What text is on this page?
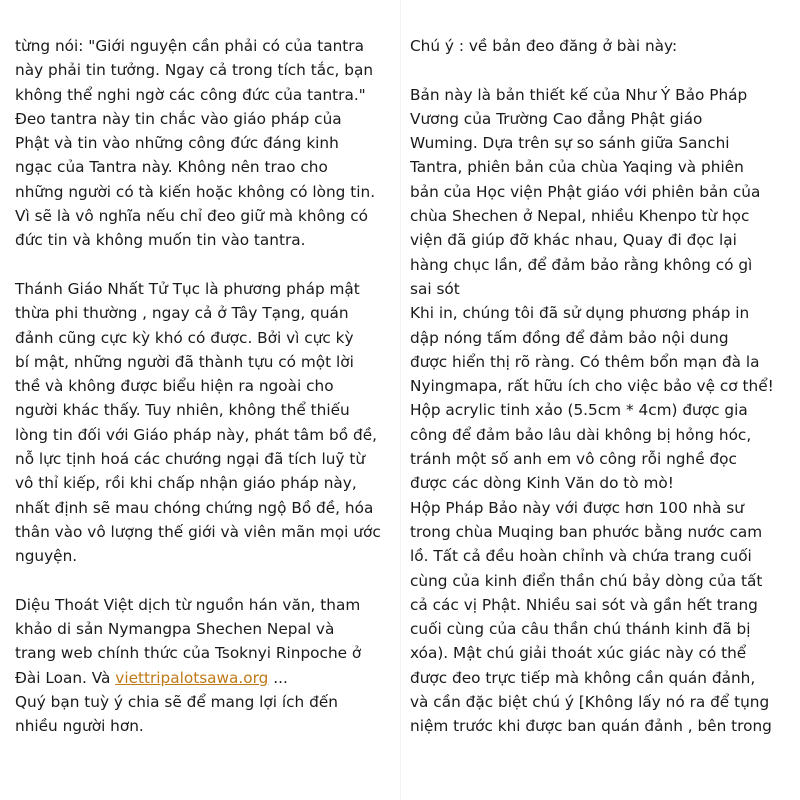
từng nói: "Giới nguyện cần phải có của tantra
này phải tin tưởng. Ngay cả trong tích tắc, bạn
không thể nghi ngờ các công đức của tantra."
Đeo tantra này tin chắc vào giáo pháp của
Phật và tin vào những công đức đáng kinh
ngạc của Tantra này. Không nên trao cho
những người có tà kiến hoặc không có lòng tin.
Vì sẽ là vô nghĩa nếu chỉ đeo giữ mà không có
đức tin và không muốn tin vào tantra.
Thánh Giáo Nhất Tử Tục là phương pháp mật
thừa phi thường , ngay cả ở Tây Tạng, quán
đảnh cũng cực kỳ khó có được. Bởi vì cực kỳ
bí mật, những người đã thành tựu có một lời
thề và không được biểu hiện ra ngoài cho
người khác thấy. Tuy nhiên, không thể thiếu
lòng tin đối với Giáo pháp này, phát tâm bồ đề,
nỗ lực tịnh hoá các chướng ngại đã tích luỹ từ
vô thỉ kiếp, rồi khi chấp nhận giáo pháp này,
nhất định sẽ mau chóng chứng ngộ Bồ đề, hóa
thân vào vô lượng thế giới và viên mãn mọi ước
nguyện.
Diệu Thoát Việt dịch từ nguồn hán văn, tham
khảo di sản Nymangpa Shechen Nepal và
trang web chính thức của Tsoknyi Rinpoche ở
Đài Loan. Và viettripalotsawa.org ...
Quý bạn tuỳ ý chia sẽ để mang lợi ích đến
nhiều người hơn.
Chú ý : về bản đeo đăng ở bài này:
Bản này là bản thiết kế của Như Ý Bảo Pháp
Vương của Trường Cao đẳng Phật giáo
Wuming. Dựa trên sự so sánh giữa Sanchi
Tantra, phiên bản của chùa Yaqing và phiên
bản của Học viện Phật giáo với phiên bản của
chùa Shechen ở Nepal, nhiều Khenpo từ học
viện đã giúp đỡ khác nhau, Quay đi đọc lại
hàng chục lần, để đảm bảo rằng không có gì
sai sót
Khi in, chúng tôi đã sử dụng phương pháp in
dập nóng tấm đồng để đảm bảo nội dung
được hiển thị rõ ràng. Có thêm bổn mạn đà la
Nyingmapa, rất hữu ích cho việc bảo vệ cơ thể!
Hộp acrylic tinh xảo (5.5cm * 4cm) được gia
công để đảm bảo lâu dài không bị hỏng hóc,
tránh một số anh em vô công rỗi nghề đọc
được các dòng Kinh Văn do tò mò!
Hộp Pháp Bảo này với được hơn 100 nhà sư
trong chùa Muqing ban phước bằng nước cam
lồ. Tất cả đều hoàn chỉnh và chứa trang cuối
cùng của kinh điển thần chú bảy dòng của tất
cả các vị Phật. Nhiều sai sót và gần hết trang
cuối cùng của câu thần chú thánh kinh đã bị
xóa). Mật chú giải thoát xúc giác này có thể
được đeo trực tiếp mà không cần quán đảnh,
và cần đặc biệt chú ý [Không lấy nó ra để tụng
niệm trước khi được ban quán đảnh , bên trong
